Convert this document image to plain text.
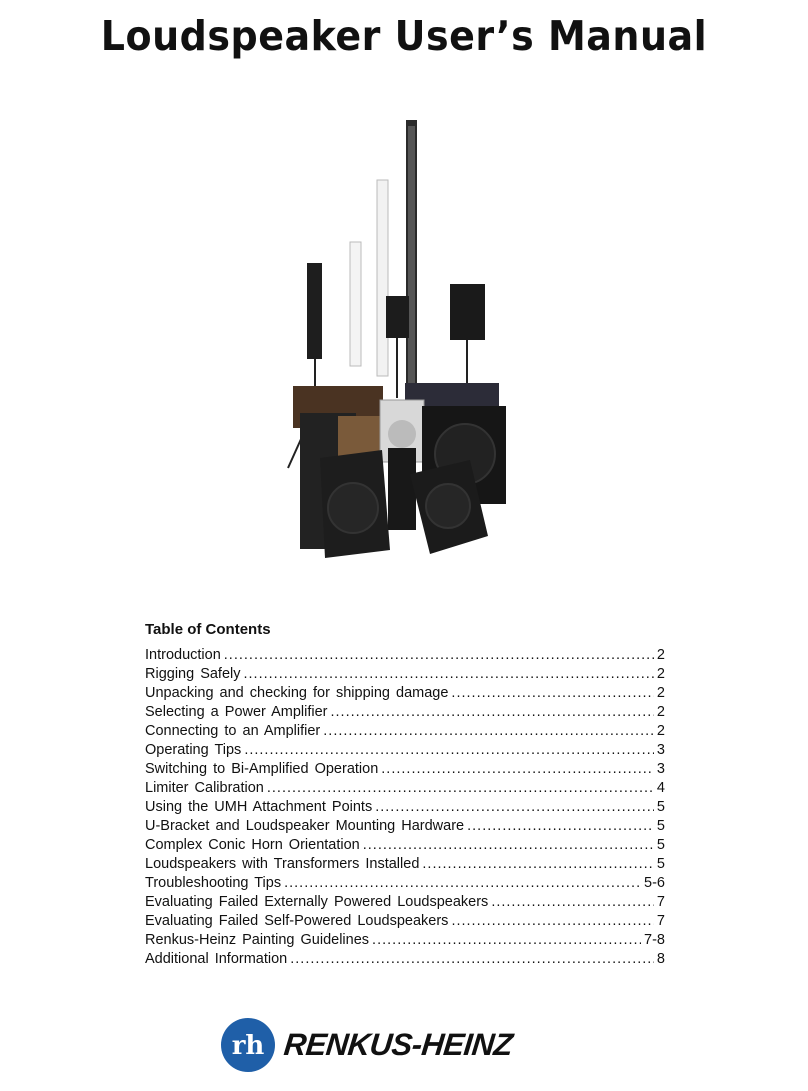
Loudspeaker User’s Manual
Table of Contents
Introduction .....	2
Rigging Safely .....	2
Unpacking and checking for shipping damage .....	2
Selecting a Power Amplifier .....	2
Connecting to an Amplifier .....	2
Operating Tips .....	3
Switching to Bi-Amplified Operation .....	3
Limiter Calibration .....	4
Using the UMH Attachment Points .....	5
U-Bracket and Loudspeaker Mounting Hardware .....	5
Complex Conic Horn Orientation .....	5
Loudspeakers with Transformers Installed .....	5
Troubleshooting Tips .....	5-6
Evaluating Failed Externally Powered Loudspeakers .....	7
Evaluating Failed Self-Powered Loudspeakers .....	7
Renkus-Heinz Painting Guidelines .....	7-8
Additional Information .....	8
rh RENKUS-HEINZ
